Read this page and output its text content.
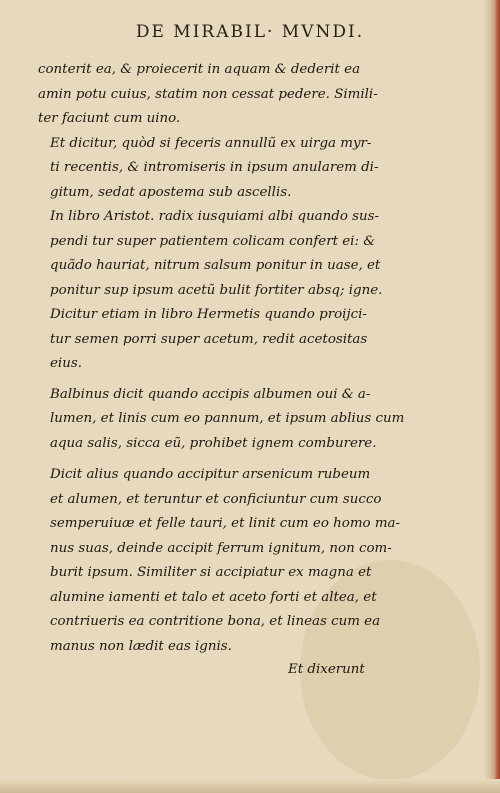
DE MIRABIL· MVNDI.

conterit ea, & proiecerit in aquam & dederit ea
amin potu cuius, statim non cessat pedere. Simili-
ter faciunt cum uino.

Et dicitur, quòd si feceris annullũ ex uirga myr-
ti recentis, & intromiseris in ipsum anularem di-
gitum, sedat apostema sub ascellis.

In libro Aristot. radix iusquiami albi quando sus-
pendi tur super patientem colicam confert ei: &
quãdo hauriat, nitrum salsum ponitur in uase, et
ponitur sup ipsum acetũ bulit fortiter absq; igne.

Dicitur etiam in libro Hermetis quando proijci-
tur semen porri super acetum, redit acetositas
eius.

Balbinus dicit quando accipis albumen oui & a-
lumen, et linis cum eo pannum, et ipsum ablius cum
aqua salis, sicca eũ, prohibet ignem comburere.

Dicit alius quando accipitur arsenicum rubeum
et alumen, et teruntur et conficiuntur cum succo
semperuiuæ et felle tauri, et linit cum eo homo ma-
nus suas, deinde accipit ferrum ignitum, non com-
burit ipsum. Similiter si accipiatur ex magna et
alumine iamenti et talo et aceto forti et altea, et
contriueris ea contritione bona, et lineas cum ea
manus non lædit eas ignis.

Et dixerunt
